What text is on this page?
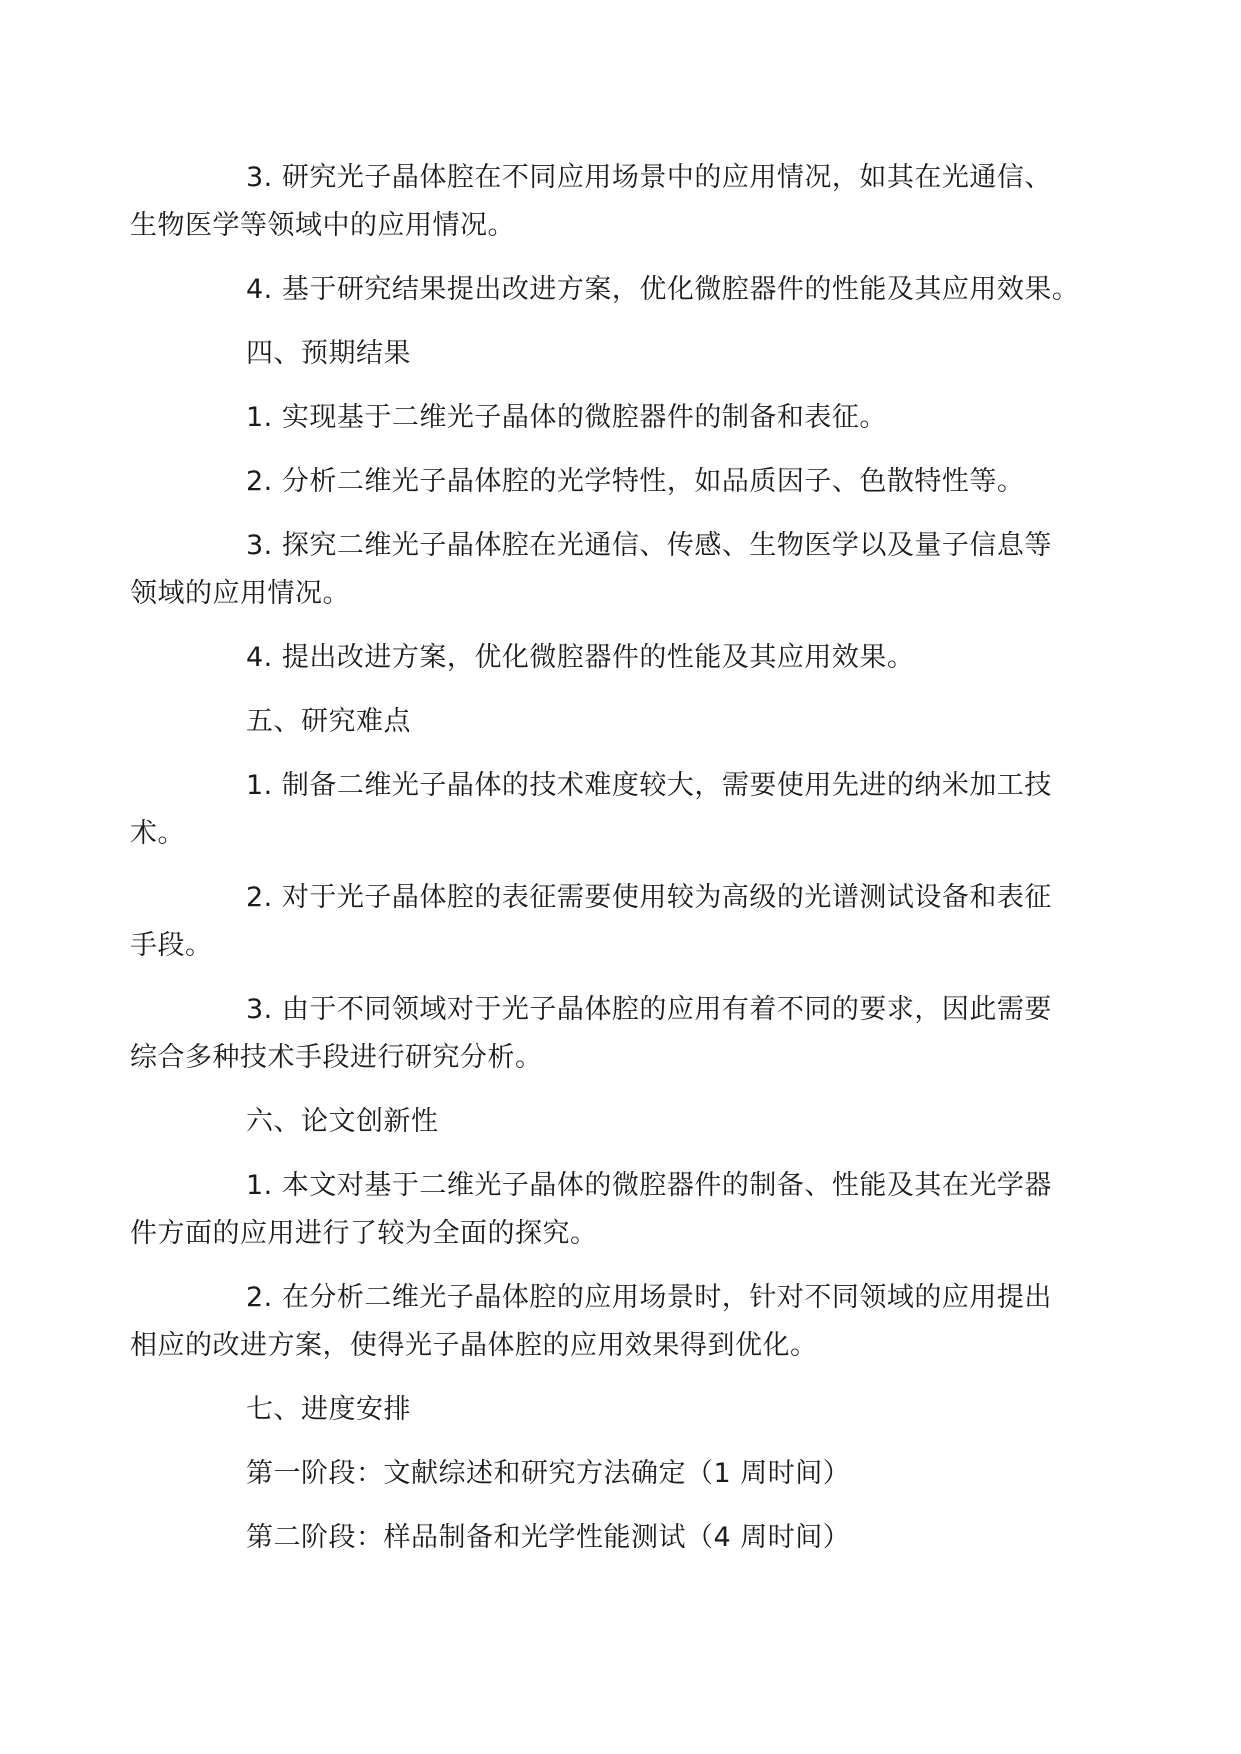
3. 研究光子晶体腔在不同应用场景中的应用情况，如其在光通信、
生物医学等领域中的应用情况。

4. 基于研究结果提出改进方案，优化微腔器件的性能及其应用效果。

四、预期结果

1. 实现基于二维光子晶体的微腔器件的制备和表征。

2. 分析二维光子晶体腔的光学特性，如品质因子、色散特性等。

3. 探究二维光子晶体腔在光通信、传感、生物医学以及量子信息等
领域的应用情况。

4. 提出改进方案，优化微腔器件的性能及其应用效果。

五、研究难点

1. 制备二维光子晶体的技术难度较大，需要使用先进的纳米加工技
术。

2. 对于光子晶体腔的表征需要使用较为高级的光谱测试设备和表征
手段。

3. 由于不同领域对于光子晶体腔的应用有着不同的要求，因此需要
综合多种技术手段进行研究分析。

六、论文创新性

1. 本文对基于二维光子晶体的微腔器件的制备、性能及其在光学器
件方面的应用进行了较为全面的探究。

2. 在分析二维光子晶体腔的应用场景时，针对不同领域的应用提出
相应的改进方案，使得光子晶体腔的应用效果得到优化。

七、进度安排

第一阶段：文献综述和研究方法确定（1 周时间）

第二阶段：样品制备和光学性能测试（4 周时间）
